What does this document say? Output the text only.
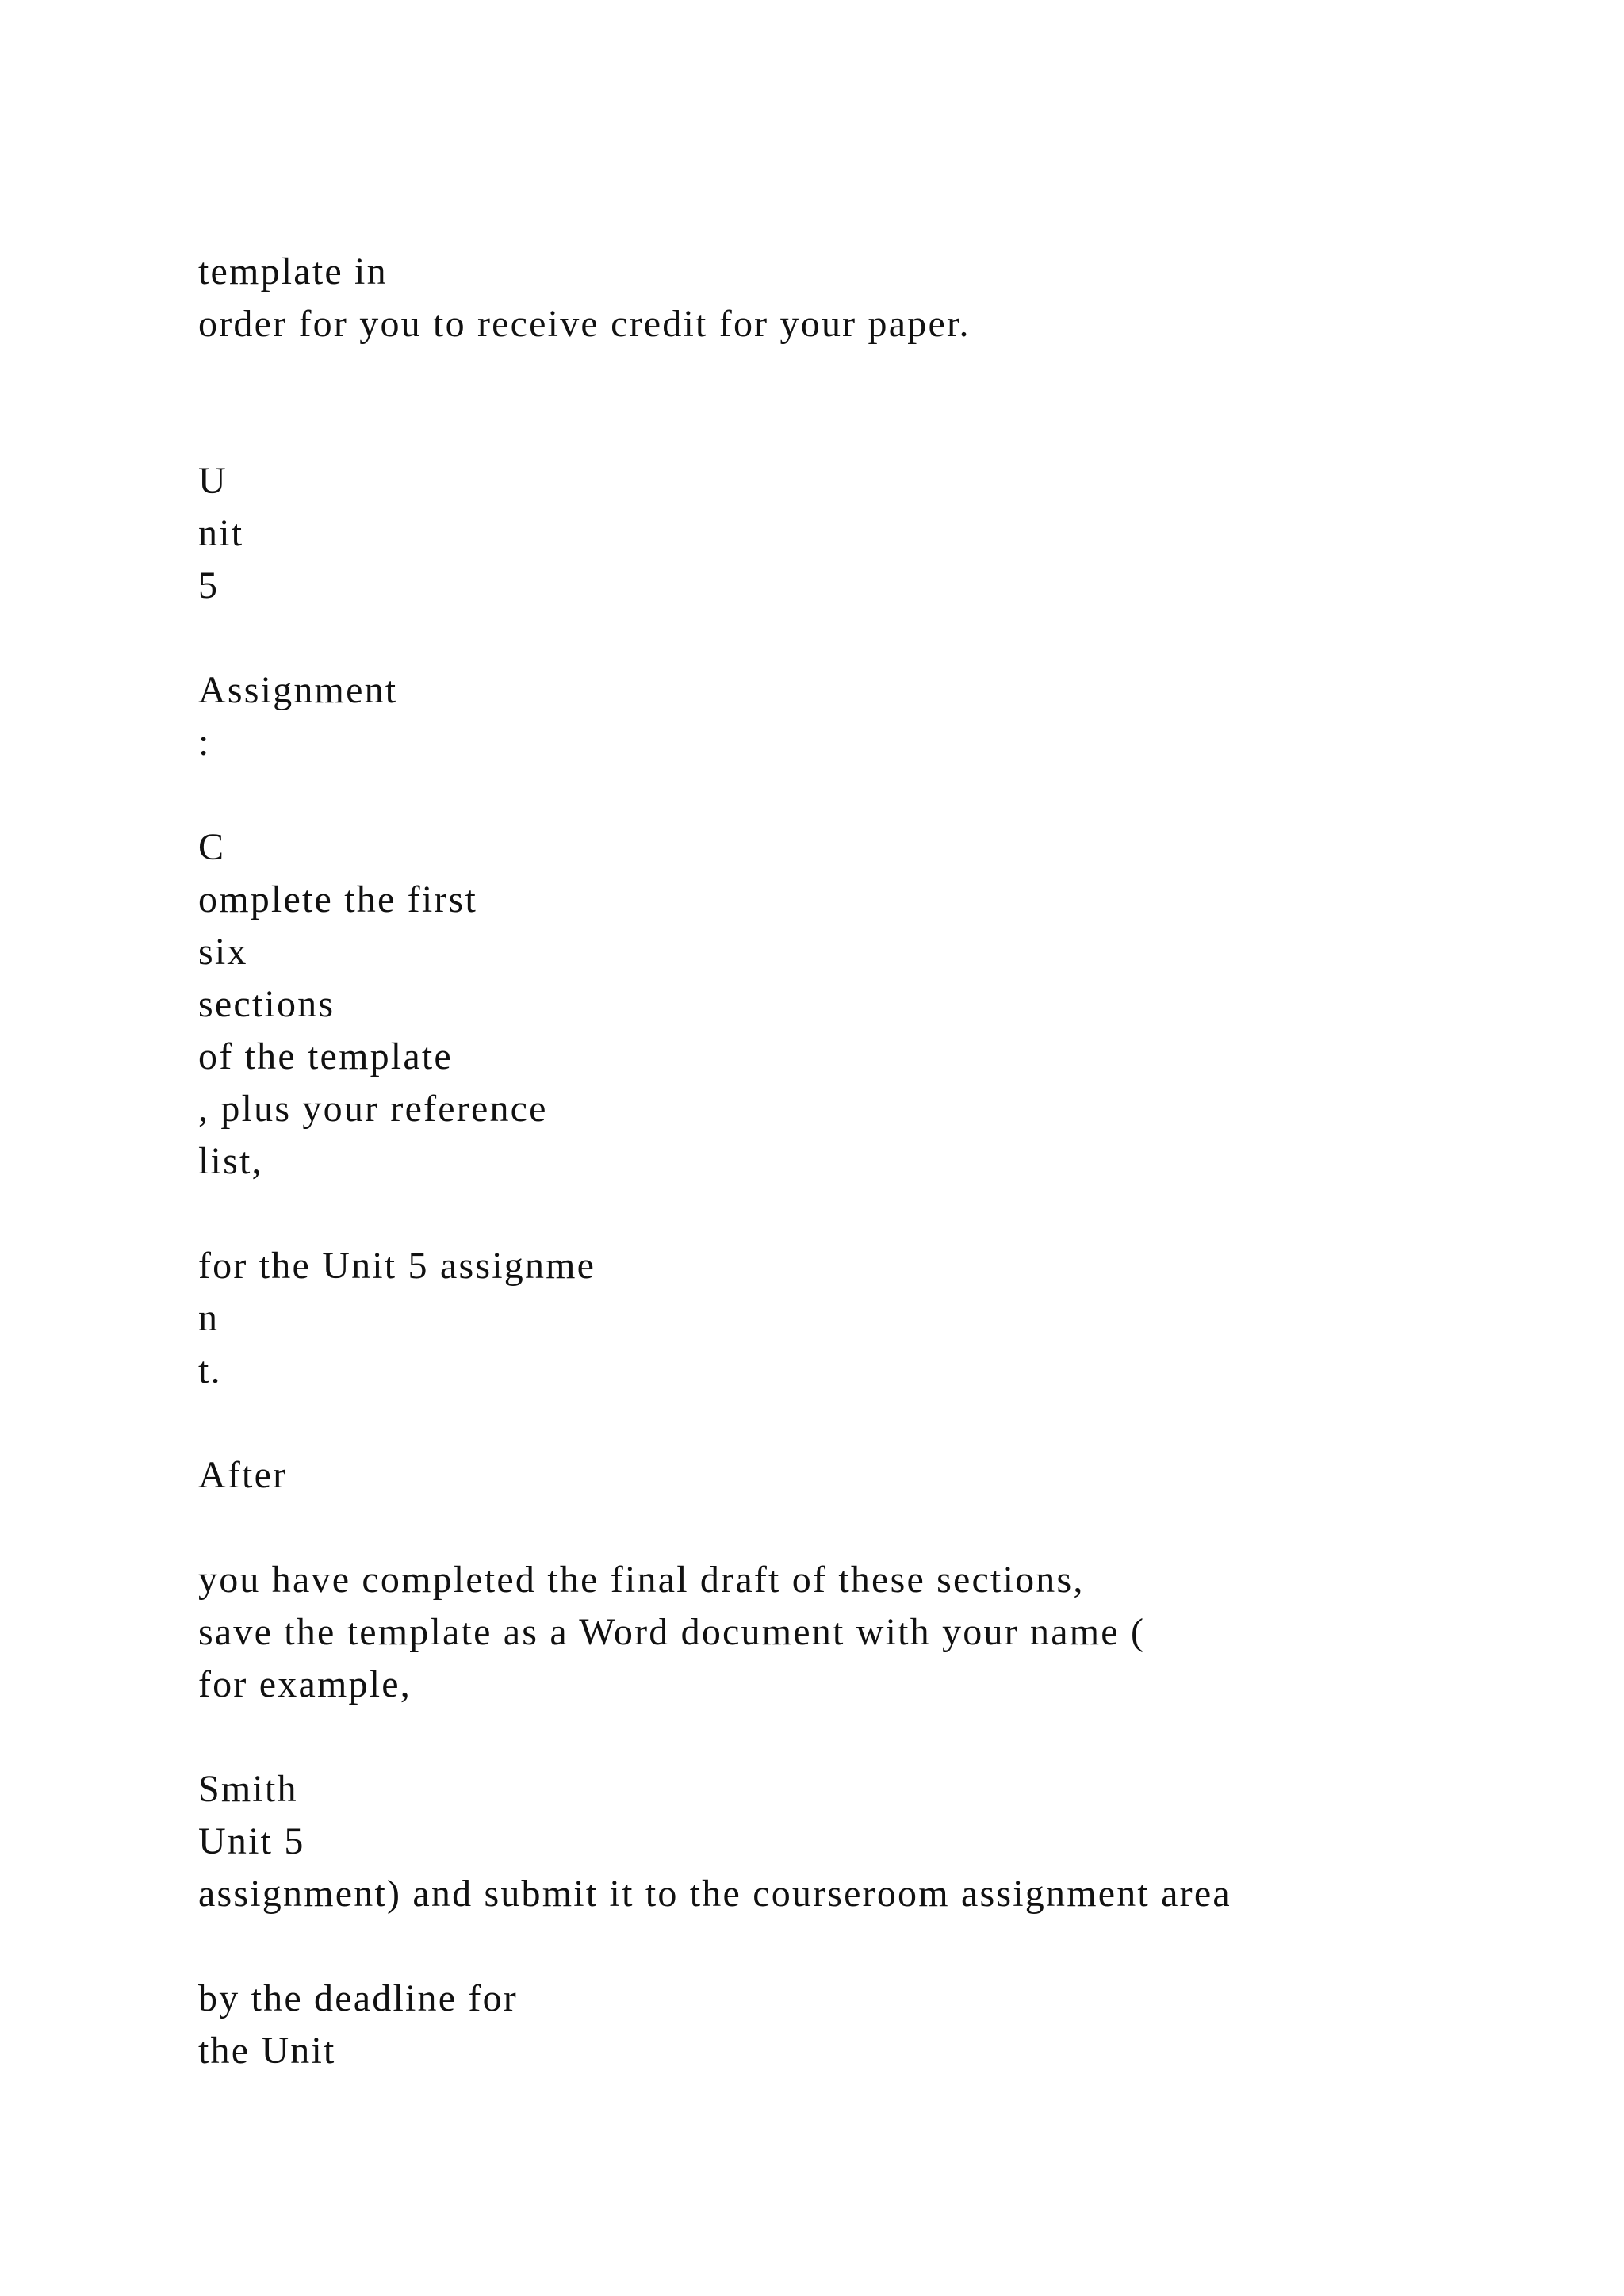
template in
order for you to receive credit for your paper.
U
nit
5
Assignment
:
C
omplete the first
six
sections
of the template
, plus your reference
list,
for the Unit 5 assignme
n
t.
After
you have completed the final draft of these sections,
save the template as a Word document with your name (
for example,
Smith
Unit 5
assignment) and submit it to the courseroom assignment area
by the deadline for
the Unit
